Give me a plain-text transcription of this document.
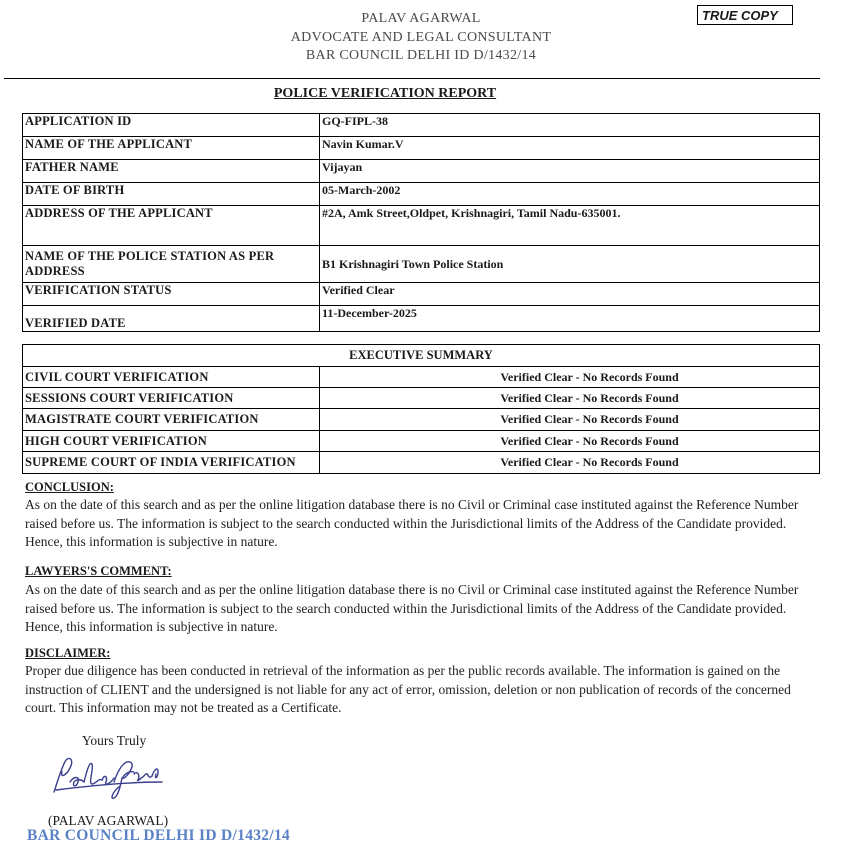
PALAV AGARWAL
ADVOCATE AND LEGAL CONSULTANT
BAR COUNCIL DELHI ID D/1432/14
TRUE COPY
POLICE VERIFICATION REPORT
APPLICATION ID	GQ-FIPL-38
NAME OF THE APPLICANT	Navin Kumar.V
FATHER NAME	Vijayan
DATE OF BIRTH	05-March-2002
ADDRESS OF THE APPLICANT	#2A, Amk Street,Oldpet, Krishnagiri, Tamil Nadu-635001.
NAME OF THE POLICE STATION AS PER ADDRESS	B1 Krishnagiri Town Police Station
VERIFICATION STATUS	Verified Clear
VERIFIED DATE	11-December-2025
EXECUTIVE SUMMARY	
CIVIL COURT VERIFICATION	Verified Clear - No Records Found
SESSIONS COURT VERIFICATION	Verified Clear - No Records Found
MAGISTRATE COURT VERIFICATION	Verified Clear - No Records Found
HIGH COURT VERIFICATION	Verified Clear - No Records Found
SUPREME COURT OF INDIA VERIFICATION	Verified Clear - No Records Found
CONCLUSION:
As on the date of this search and as per the online litigation database there is no Civil or Criminal case instituted against the Reference Number raised before us. The information is subject to the search conducted within the Jurisdictional limits of the Address of the Candidate provided. Hence, this information is subjective in nature.
LAWYERS'S COMMENT:
As on the date of this search and as per the online litigation database there is no Civil or Criminal case instituted against the Reference Number raised before us. The information is subject to the search conducted within the Jurisdictional limits of the Address of the Candidate provided. Hence, this information is subjective in nature.
DISCLAIMER:
Proper due diligence has been conducted in retrieval of the information as per the public records available. The information is gained on the instruction of CLIENT and the undersigned is not liable for any act of error, omission, deletion or non publication of records of the concerned court. This information may not be treated as a Certificate.
Yours Truly
(PALAV AGARWAL)
BAR COUNCIL DELHI ID D/1432/14
